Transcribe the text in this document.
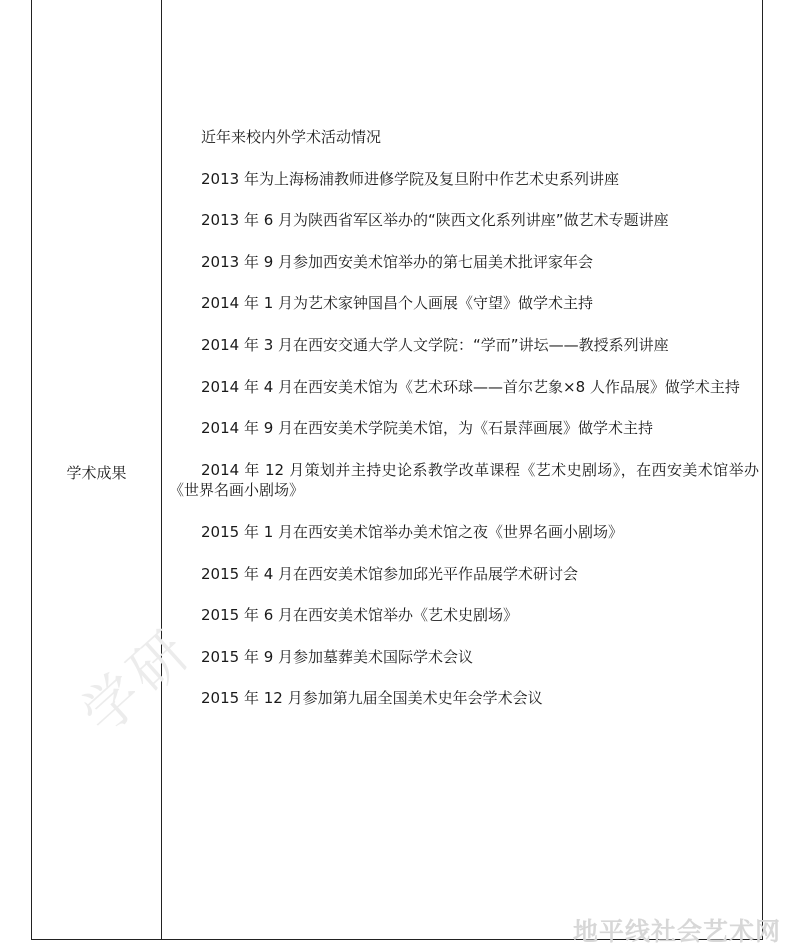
学术成果

近年来校内外学术活动情况

2013 年为上海杨浦教师进修学院及复旦附中作艺术史系列讲座

2013 年 6 月为陕西省军区举办的“陕西文化系列讲座”做艺术专题讲座

2013 年 9 月参加西安美术馆举办的第七届美术批评家年会

2014 年 1 月为艺术家钟国昌个人画展《守望》做学术主持

2014 年 3 月在西安交通大学人文学院：“学而”讲坛——教授系列讲座

2014 年 4 月在西安美术馆为《艺术环球——首尔艺象×8 人作品展》做学术主持

2014 年 9 月在西安美术学院美术馆，为《石景萍画展》做学术主持

2014 年 12 月策划并主持史论系教学改革课程《艺术史剧场》，在西安美术馆举办《世界名画小剧场》

2015 年 1 月在西安美术馆举办美术馆之夜《世界名画小剧场》

2015 年 4 月在西安美术馆参加邱光平作品展学术研讨会

2015 年 6 月在西安美术馆举办《艺术史剧场》

2015 年 9 月参加墓葬美术国际学术会议

2015 年 12 月参加第九届全国美术史年会学术会议

学研
地平线社会艺术网
